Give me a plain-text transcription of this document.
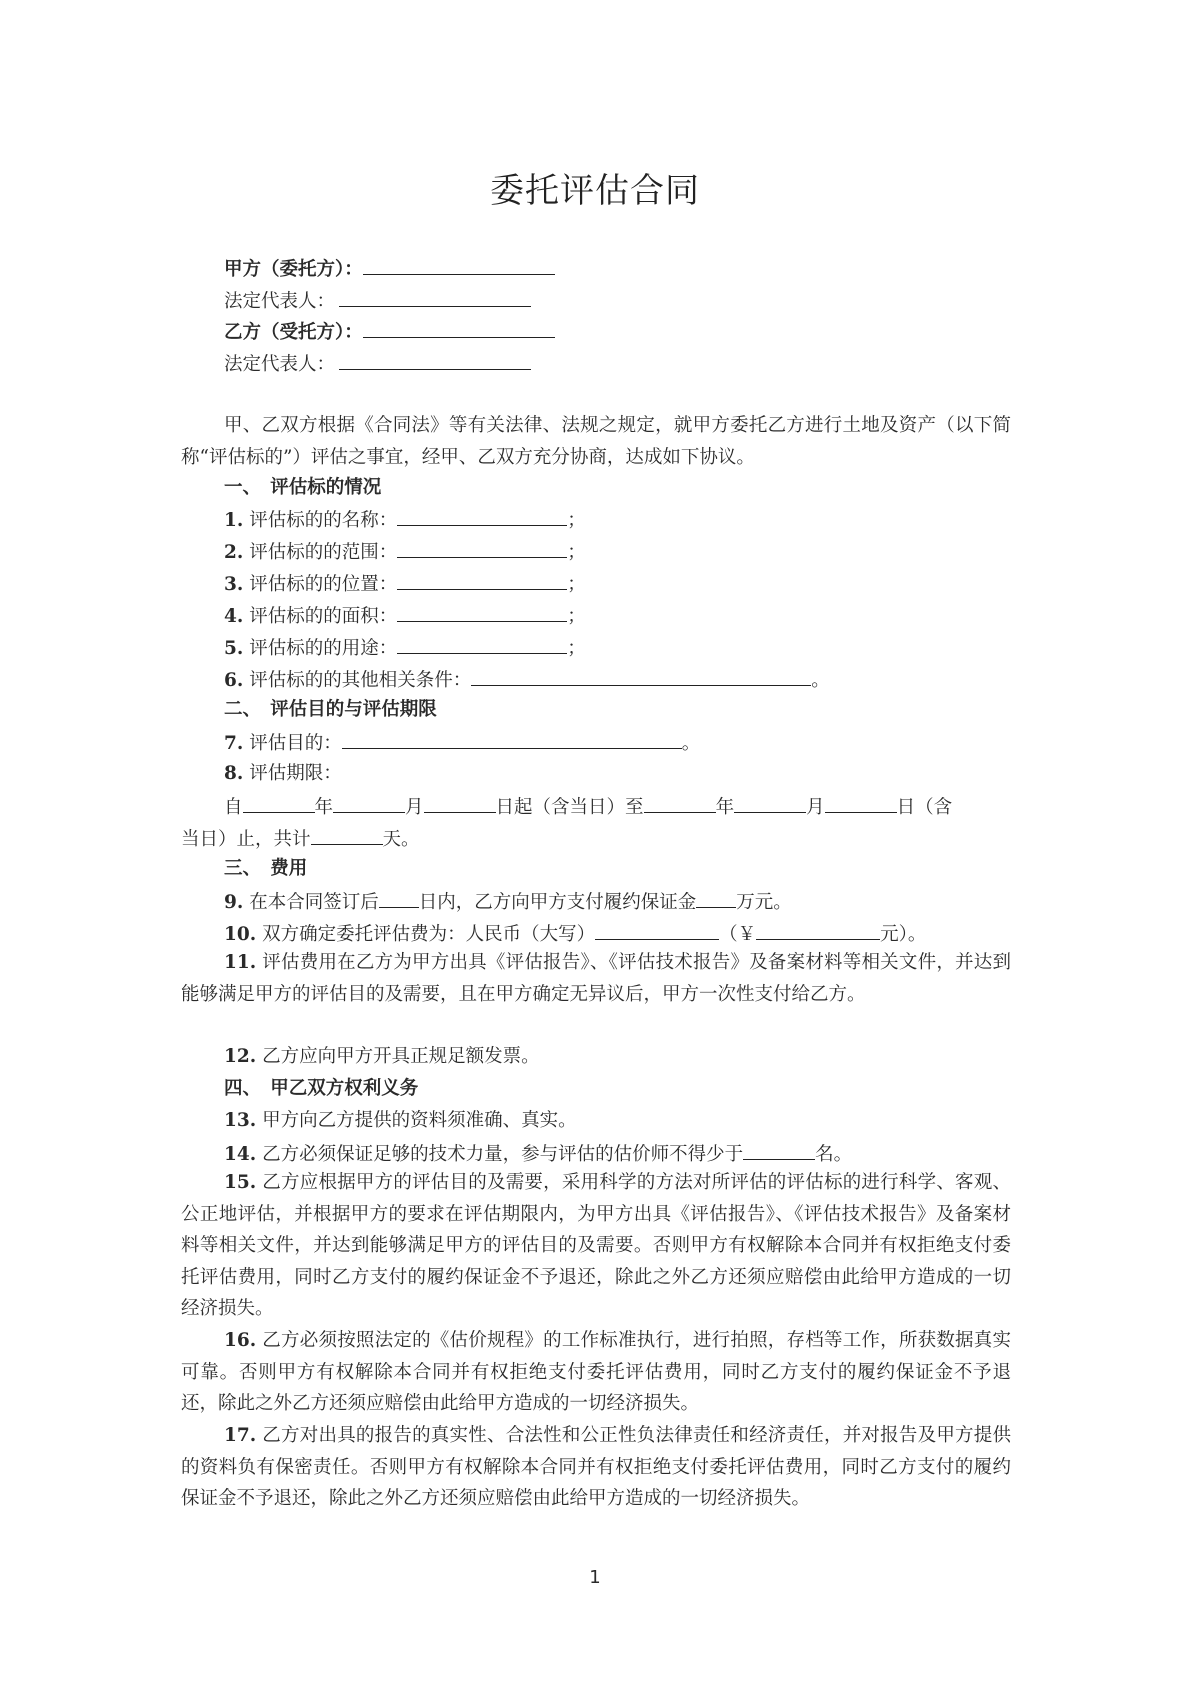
委托评估合同
甲方（委托方）：
法定代表人：
乙方（受托方）：
法定代表人：
甲、乙双方根据《合同法》等有关法律、法规之规定，就甲方委托乙方进行土地及资产（以下简称“评估标的”）评估之事宜，经甲、乙双方充分协商，达成如下协议。
一、　评估标的情况
1. 评估标的的名称：	；
2. 评估标的的范围：	；
3. 评估标的的位置：	；
4. 评估标的的面积：	；
5. 评估标的的用途：	；
6. 评估标的的其他相关条件：	。
二、　评估目的与评估期限
7. 评估目的：	。
8. 评估期限：
自	年	月	日起（含当日）至	年	月	日（含
当日）止，共计	天。
三、　费用
9. 在本合同签订后 日内，乙方向甲方支付履约保证金 万元。
10. 双方确定委托评估费为：人民币（大写）	（￥	元）。
11. 评估费用在乙方为甲方出具《评估报告》、《评估技术报告》及备案材料等相关文件，并达到能够满足甲方的评估目的及需要，且在甲方确定无异议后，甲方一次性支付给乙方。
12. 乙方应向甲方开具正规足额发票。
四、　甲乙双方权利义务
13. 甲方向乙方提供的资料须准确、真实。
14. 乙方必须保证足够的技术力量，参与评估的估价师不得少于	名。
15. 乙方应根据甲方的评估目的及需要，采用科学的方法对所评估的评估标的进行科学、客观、公正地评估，并根据甲方的要求在评估期限内，为甲方出具《评估报告》、《评估技术报告》及备案材料等相关文件，并达到能够满足甲方的评估目的及需要。否则甲方有权解除本合同并有权拒绝支付委托评估费用，同时乙方支付的履约保证金不予退还，除此之外乙方还须应赔偿由此给甲方造成的一切经济损失。
16. 乙方必须按照法定的《估价规程》的工作标准执行，进行拍照，存档等工作，所获数据真实可靠。否则甲方有权解除本合同并有权拒绝支付委托评估费用，同时乙方支付的履约保证金不予退还，除此之外乙方还须应赔偿由此给甲方造成的一切经济损失。
17. 乙方对出具的报告的真实性、合法性和公正性负法律责任和经济责任，并对报告及甲方提供的资料负有保密责任。否则甲方有权解除本合同并有权拒绝支付委托评估费用，同时乙方支付的履约保证金不予退还，除此之外乙方还须应赔偿由此给甲方造成的一切经济损失。
1
